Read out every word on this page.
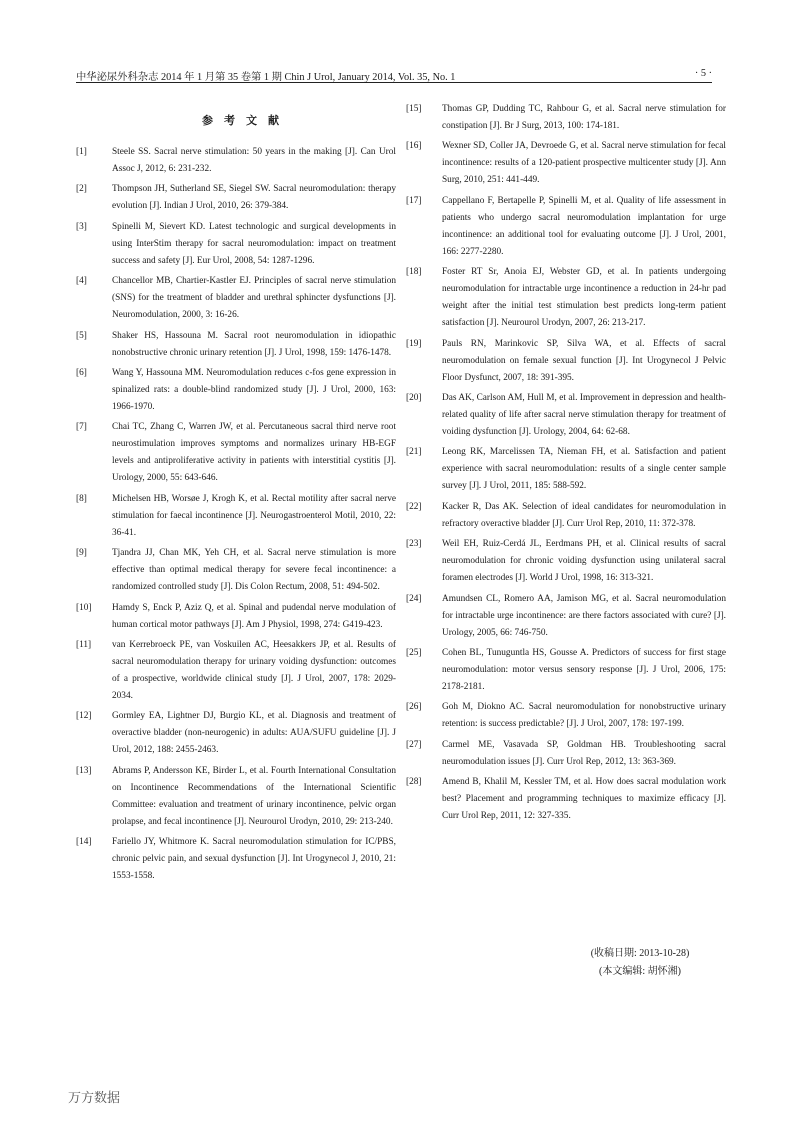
中华泌尿外科杂志 2014 年 1 月第 35 卷第 1 期 Chin J Urol, January 2014, Vol. 35, No. 1	· 5 ·
参考文献
[1]	Steele SS. Sacral nerve stimulation: 50 years in the making [J]. Can Urol Assoc J, 2012, 6: 231-232.
[2]	Thompson JH, Sutherland SE, Siegel SW. Sacral neuromodulation: therapy evolution [J]. Indian J Urol, 2010, 26: 379-384.
[3]	Spinelli M, Sievert KD. Latest technologic and surgical developments in using InterStim therapy for sacral neuromodulation: impact on treatment success and safety [J]. Eur Urol, 2008, 54: 1287-1296.
[4]	Chancellor MB, Chartier-Kastler EJ. Principles of sacral nerve stimulation (SNS) for the treatment of bladder and urethral sphincter dysfunctions [J]. Neuromodulation, 2000, 3: 16-26.
[5]	Shaker HS, Hassouna M. Sacral root neuromodulation in idiopathic nonobstructive chronic urinary retention [J]. J Urol, 1998, 159: 1476-1478.
[6]	Wang Y, Hassouna MM. Neuromodulation reduces c-fos gene expression in spinalized rats: a double-blind randomized study [J]. J Urol, 2000, 163: 1966-1970.
[7]	Chai TC, Zhang C, Warren JW, et al. Percutaneous sacral third nerve root neurostimulation improves symptoms and normalizes urinary HB-EGF levels and antiproliferative activity in patients with interstitial cystitis [J]. Urology, 2000, 55: 643-646.
[8]	Michelsen HB, Worsøe J, Krogh K, et al. Rectal motility after sacral nerve stimulation for faecal incontinence [J]. Neurogastroenterol Motil, 2010, 22: 36-41.
[9]	Tjandra JJ, Chan MK, Yeh CH, et al. Sacral nerve stimulation is more effective than optimal medical therapy for severe fecal incontinence: a randomized controlled study [J]. Dis Colon Rectum, 2008, 51: 494-502.
[10]	Hamdy S, Enck P, Aziz Q, et al. Spinal and pudendal nerve modulation of human cortical motor pathways [J]. Am J Physiol, 1998, 274: G419-423.
[11]	van Kerrebroeck PE, van Voskuilen AC, Heesakkers JP, et al. Results of sacral neuromodulation therapy for urinary voiding dysfunction: outcomes of a prospective, worldwide clinical study [J]. J Urol, 2007, 178: 2029-2034.
[12]	Gormley EA, Lightner DJ, Burgio KL, et al. Diagnosis and treatment of overactive bladder (non-neurogenic) in adults: AUA/SUFU guideline [J]. J Urol, 2012, 188: 2455-2463.
[13]	Abrams P, Andersson KE, Birder L, et al. Fourth International Consultation on Incontinence Recommendations of the International Scientific Committee: evaluation and treatment of urinary incontinence, pelvic organ prolapse, and fecal incontinence [J]. Neurourol Urodyn, 2010, 29: 213-240.
[14]	Fariello JY, Whitmore K. Sacral neuromodulation stimulation for IC/PBS, chronic pelvic pain, and sexual dysfunction [J]. Int Urogynecol J, 2010, 21: 1553-1558.
[15]	Thomas GP, Dudding TC, Rahbour G, et al. Sacral nerve stimulation for constipation [J]. Br J Surg, 2013, 100: 174-181.
[16]	Wexner SD, Coller JA, Devroede G, et al. Sacral nerve stimulation for fecal incontinence: results of a 120-patient prospective multicenter study [J]. Ann Surg, 2010, 251: 441-449.
[17]	Cappellano F, Bertapelle P, Spinelli M, et al. Quality of life assessment in patients who undergo sacral neuromodulation implantation for urge incontinence: an additional tool for evaluating outcome [J]. J Urol, 2001, 166: 2277-2280.
[18]	Foster RT Sr, Anoia EJ, Webster GD, et al. In patients undergoing neuromodulation for intractable urge incontinence a reduction in 24-hr pad weight after the initial test stimulation best predicts long-term patient satisfaction [J]. Neurourol Urodyn, 2007, 26: 213-217.
[19]	Pauls RN, Marinkovic SP, Silva WA, et al. Effects of sacral neuromodulation on female sexual function [J]. Int Urogynecol J Pelvic Floor Dysfunct, 2007, 18: 391-395.
[20]	Das AK, Carlson AM, Hull M, et al. Improvement in depression and health-related quality of life after sacral nerve stimulation therapy for treatment of voiding dysfunction [J]. Urology, 2004, 64: 62-68.
[21]	Leong RK, Marcelissen TA, Nieman FH, et al. Satisfaction and patient experience with sacral neuromodulation: results of a single center sample survey [J]. J Urol, 2011, 185: 588-592.
[22]	Kacker R, Das AK. Selection of ideal candidates for neuromodulation in refractory overactive bladder [J]. Curr Urol Rep, 2010, 11: 372-378.
[23]	Weil EH, Ruiz-Cerdá JL, Eerdmans PH, et al. Clinical results of sacral neuromodulation for chronic voiding dysfunction using unilateral sacral foramen electrodes [J]. World J Urol, 1998, 16: 313-321.
[24]	Amundsen CL, Romero AA, Jamison MG, et al. Sacral neuromodulation for intractable urge incontinence: are there factors associated with cure? [J]. Urology, 2005, 66: 746-750.
[25]	Cohen BL, Tunuguntla HS, Gousse A. Predictors of success for first stage neuromodulation: motor versus sensory response [J]. J Urol, 2006, 175: 2178-2181.
[26]	Goh M, Diokno AC. Sacral neuromodulation for nonobstructive urinary retention: is success predictable? [J]. J Urol, 2007, 178: 197-199.
[27]	Carmel ME, Vasavada SP, Goldman HB. Troubleshooting sacral neuromodulation issues [J]. Curr Urol Rep, 2012, 13: 363-369.
[28]	Amend B, Khalil M, Kessler TM, et al. How does sacral modulation work best? Placement and programming techniques to maximize efficacy [J]. Curr Urol Rep, 2011, 12: 327-335.
(收稿日期: 2013-10-28)
(本文编辑: 胡怀湘)
万方数据
